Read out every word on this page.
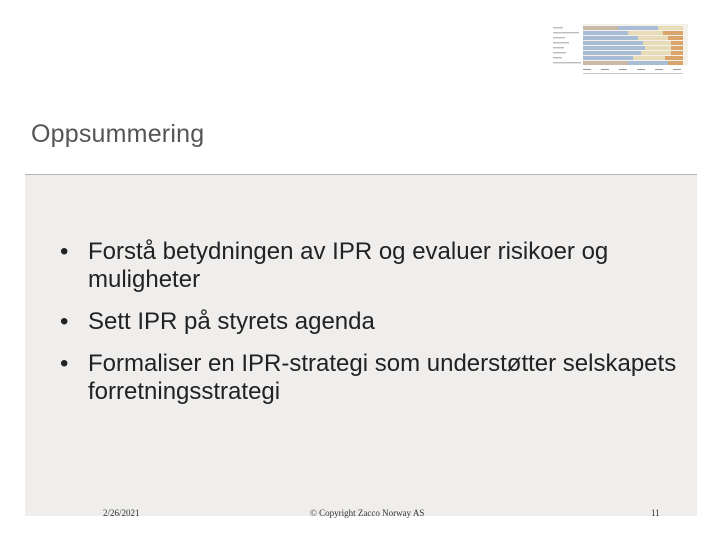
Oppsummering
• Forstå betydningen av IPR og evaluer risikoer og muligheter
• Sett IPR på styrets agenda
• Formaliser en IPR-strategi som understøtter selskapets forretningsstrategi
2/26/2021	© Copyright Zacco Norway AS	11
